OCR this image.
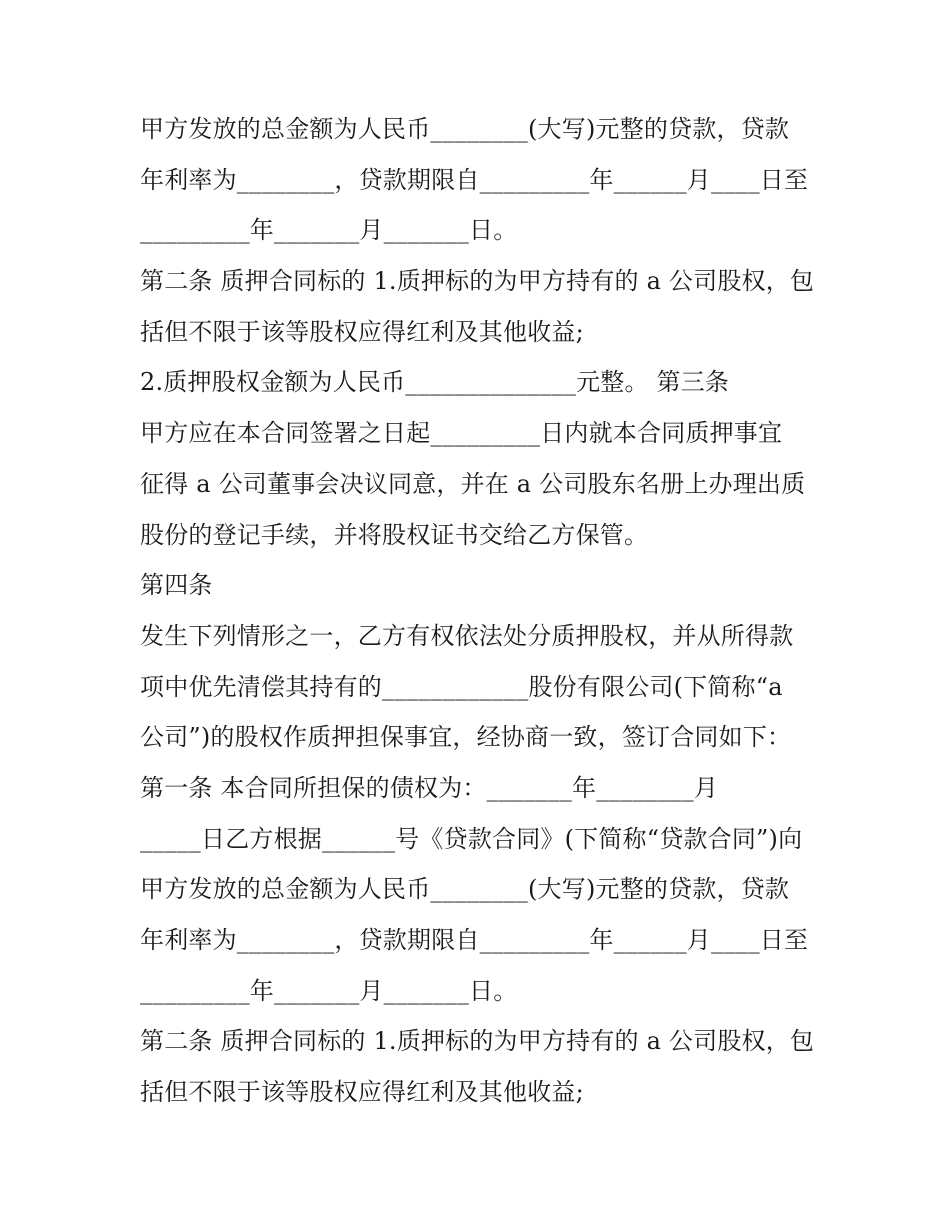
甲方发放的总金额为人民币________(大写)元整的贷款，贷款
年利率为________，贷款期限自_________年______月____日至
_________年_______月_______日。
第二条 质押合同标的 1.质押标的为甲方持有的 a 公司股权，包
括但不限于该等股权应得红利及其他收益;
2.质押股权金额为人民币______________元整。 第三条
甲方应在本合同签署之日起_________日内就本合同质押事宜
征得 a 公司董事会决议同意，并在 a 公司股东名册上办理出质
股份的登记手续，并将股权证书交给乙方保管。
第四条
发生下列情形之一，乙方有权依法处分质押股权，并从所得款
项中优先清偿其持有的____________股份有限公司(下简称“a
公司”)的股权作质押担保事宜，经协商一致，签订合同如下：
第一条 本合同所担保的债权为：_______年________月
_____日乙方根据______号《贷款合同》(下简称“贷款合同”)向
甲方发放的总金额为人民币________(大写)元整的贷款，贷款
年利率为________，贷款期限自_________年______月____日至
_________年_______月_______日。
第二条 质押合同标的 1.质押标的为甲方持有的 a 公司股权，包
括但不限于该等股权应得红利及其他收益;
